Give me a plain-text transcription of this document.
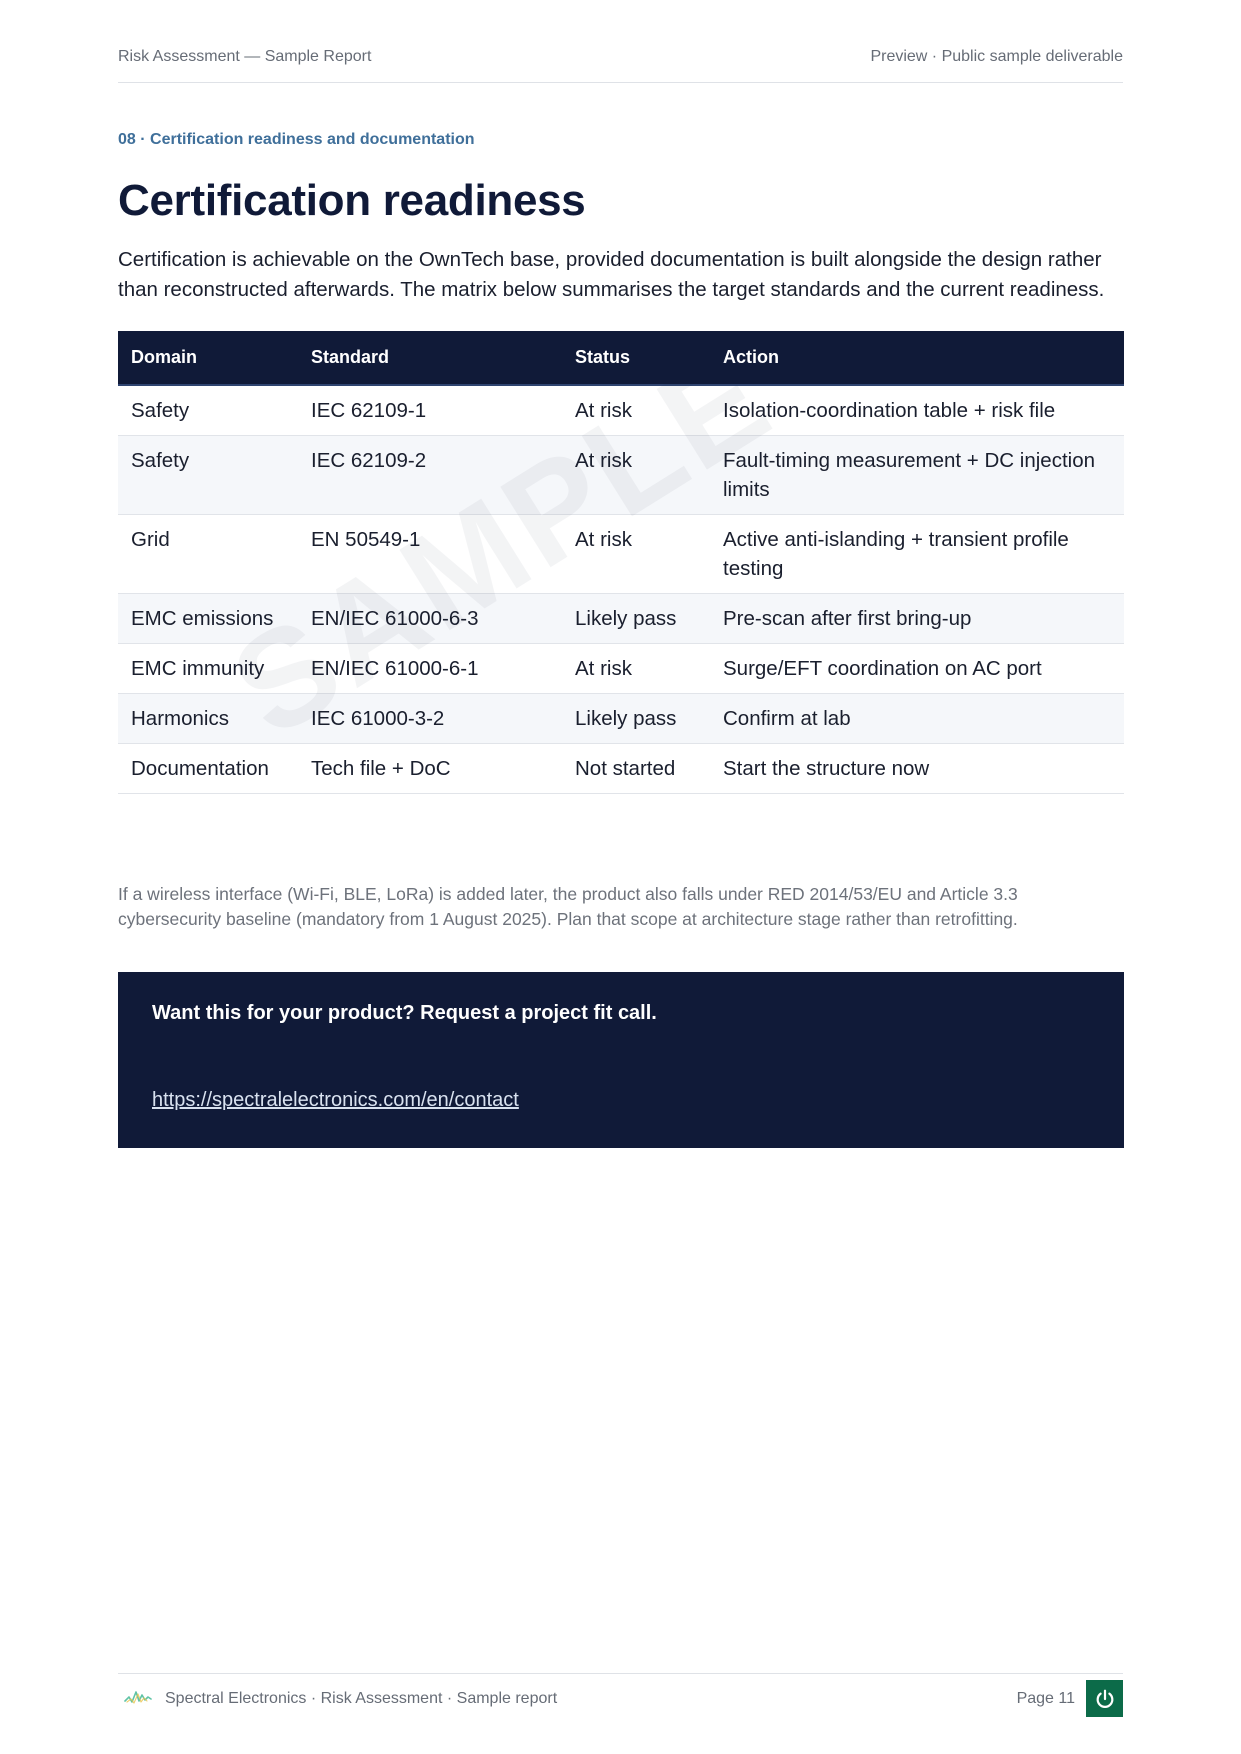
Risk Assessment — Sample Report	Preview · Public sample deliverable
08 · Certification readiness and documentation
Certification readiness

Certification is achievable on the OwnTech base, provided documentation is built alongside the design rather than reconstructed afterwards. The matrix below summarises the target standards and the current readiness.

Domain	Standard	Status	Action
Safety	IEC 62109-1	At risk	Isolation-coordination table + risk file
Safety	IEC 62109-2	At risk	Fault-timing measurement + DC injection limits
Grid	EN 50549-1	At risk	Active anti-islanding + transient profile testing
EMC emissions	EN/IEC 61000-6-3	Likely pass	Pre-scan after first bring-up
EMC immunity	EN/IEC 61000-6-1	At risk	Surge/EFT coordination on AC port
Harmonics	IEC 61000-3-2	Likely pass	Confirm at lab
Documentation	Tech file + DoC	Not started	Start the structure now

If a wireless interface (Wi-Fi, BLE, LoRa) is added later, the product also falls under RED 2014/53/EU and Article 3.3 cybersecurity baseline (mandatory from 1 August 2025). Plan that scope at architecture stage rather than retrofitting.

Want this for your product? Request a project fit call.
https://spectralelectronics.com/en/contact
Spectral Electronics · Risk Assessment · Sample report	Page 11
